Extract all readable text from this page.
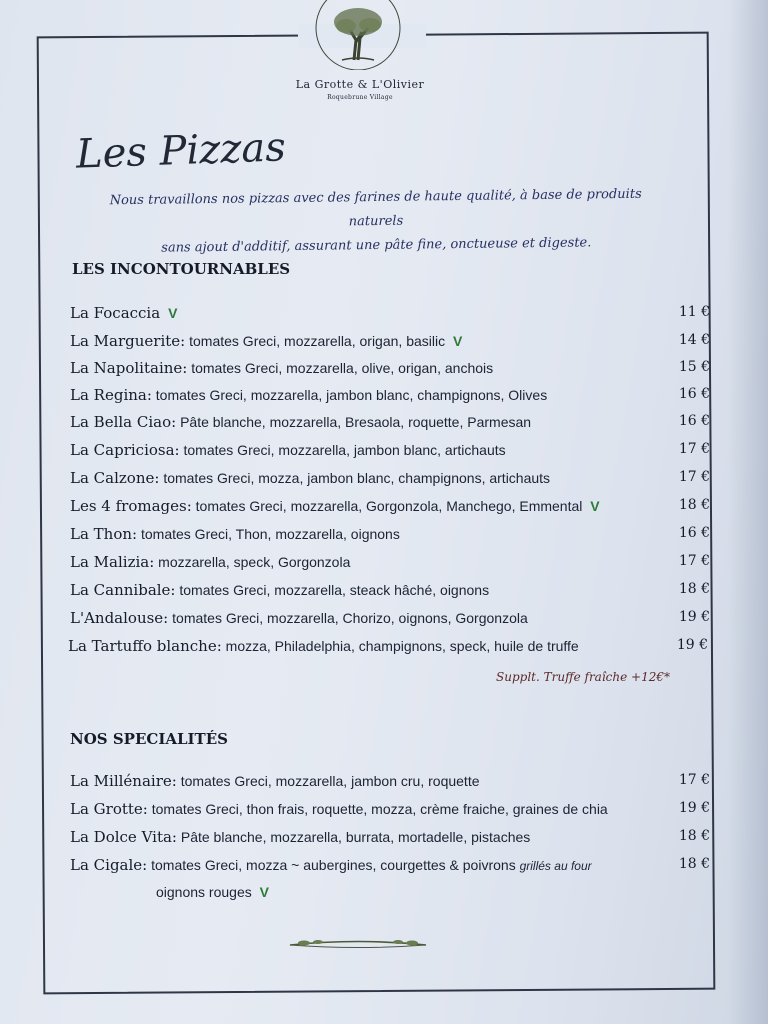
La Grotte & L'Olivier
Roquebrune Village
Les Pizzas
Nous travaillons nos pizzas avec des farines de haute qualité, à base de produits naturels
sans ajout d'additif, assurant une pâte fine, onctueuse et digeste.
LES INCONTOURNABLES
La Focaccia V	11 €
La Marguerite: tomates Greci, mozzarella, origan, basilic V	14 €
La Napolitaine: tomates Greci, mozzarella, olive, origan, anchois	15 €
La Regina: tomates Greci, mozzarella, jambon blanc, champignons, Olives	16 €
La Bella Ciao: Pâte blanche, mozzarella, Bresaola, roquette, Parmesan	16 €
La Capriciosa: tomates Greci, mozzarella, jambon blanc, artichauts	17 €
La Calzone: tomates Greci, mozza, jambon blanc, champignons, artichauts	17 €
Les 4 fromages: tomates Greci, mozzarella, Gorgonzola, Manchego, Emmental V	18 €
La Thon: tomates Greci, Thon, mozzarella, oignons	16 €
La Malizia: mozzarella, speck, Gorgonzola	17 €
La Cannibale: tomates Greci, mozzarella, steack hâché, oignons	18 €
L'Andalouse: tomates Greci, mozzarella, Chorizo, oignons, Gorgonzola	19 €
La Tartuffo blanche: mozza, Philadelphia, champignons, speck, huile de truffe	19 €
Supplt. Truffe fraîche +12€*
NOS SPECIALITÉS
La Millénaire: tomates Greci, mozzarella, jambon cru, roquette	17 €
La Grotte: tomates Greci, thon frais, roquette, mozza, crème fraiche, graines de chia	19 €
La Dolce Vita: Pâte blanche, mozzarella, burrata, mortadelle, pistaches	18 €
La Cigale: tomates Greci, mozza ~ aubergines, courgettes & poivrons grillés au four	18 €
oignons rouges V
